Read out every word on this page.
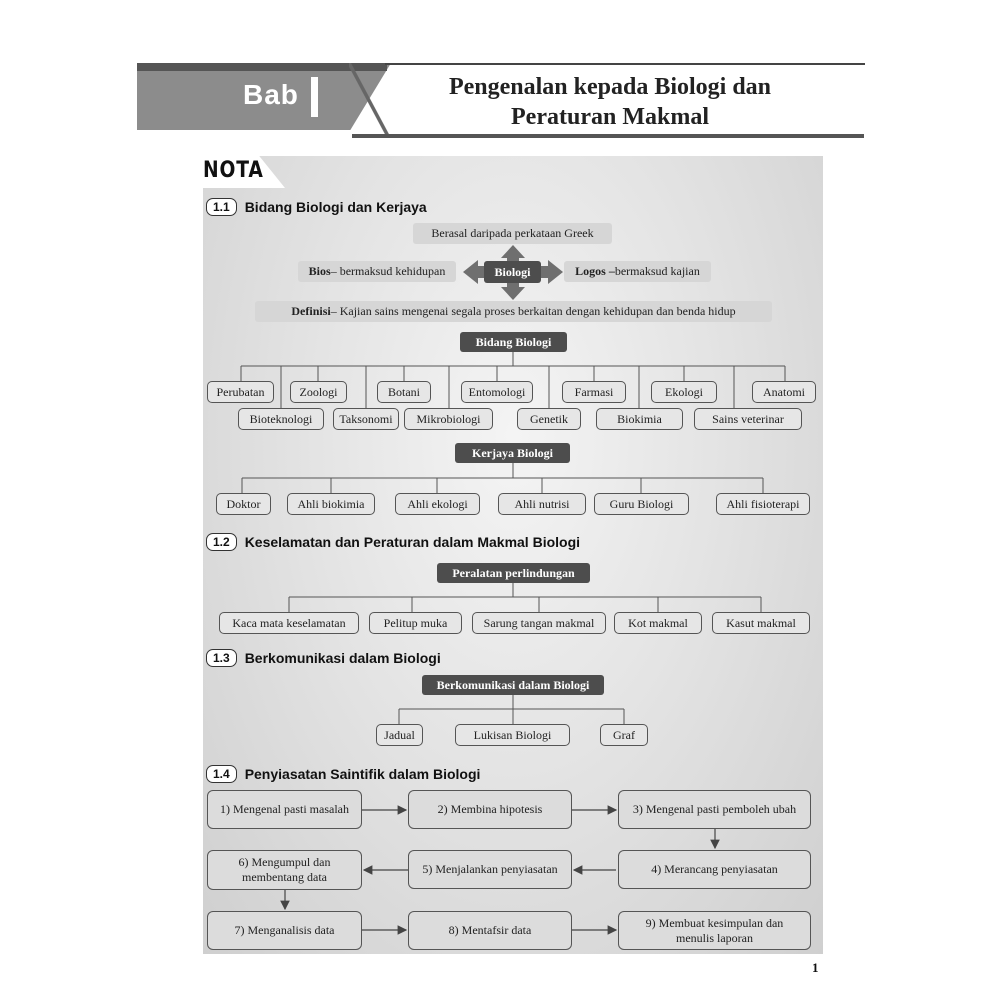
Bab	Pengenalan kepada Biologi dan
Peraturan Makmal
NOTA
1.1	Bidang Biologi dan Kerjaya
Berasal daripada perkataan Greek
Biologi
Bios – bermaksud kehidupan	Logos – bermaksud kajian
Definisi – Kajian sains mengenai segala proses berkaitan dengan kehidupan dan benda hidup
Bidang Biologi
Perubatan	Zoologi	Botani	Entomologi	Farmasi	Ekologi	Anatomi
Bioteknologi	Taksonomi	Mikrobiologi	Genetik	Biokimia	Sains veterinar
Kerjaya Biologi
Doktor	Ahli biokimia	Ahli ekologi	Ahli nutrisi	Guru Biologi	Ahli fisioterapi
1.2	Keselamatan dan Peraturan dalam Makmal Biologi
Peralatan perlindungan
Kaca mata keselamatan	Pelitup muka	Sarung tangan makmal	Kot makmal	Kasut makmal
1.3	Berkomunikasi dalam Biologi
Berkomunikasi dalam Biologi
Jadual	Lukisan Biologi	Graf
1.4	Penyiasatan Saintifik dalam Biologi
1) Mengenal pasti masalah	2) Membina hipotesis	3) Mengenal pasti pemboleh ubah
4) Merancang penyiasatan
5) Menjalankan penyiasatan
6) Mengumpul dan membentang data
7) Menganalisis data	8) Mentafsir data
9) Membuat kesimpulan dan menulis laporan
1
